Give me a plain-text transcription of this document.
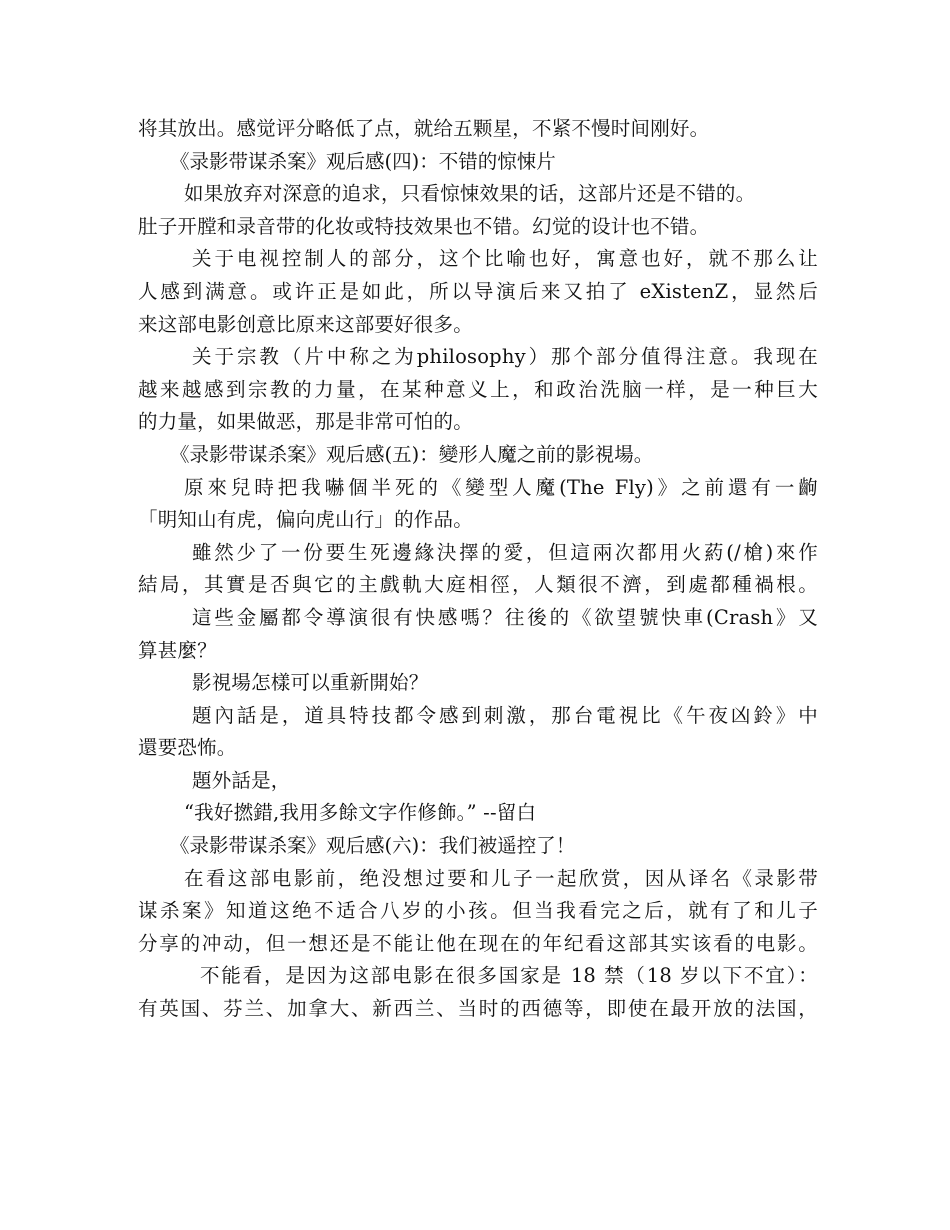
将其放出。感觉评分略低了点，就给五颗星，不紧不慢时间刚好。
《录影带谋杀案》观后感(四)：不错的惊悚片
如果放弃对深意的追求，只看惊悚效果的话，这部片还是不错的。
肚子开膛和录音带的化妆或特技效果也不错。幻觉的设计也不错。
关于电视控制人的部分，这个比喻也好，寓意也好，就不那么让
人感到满意。或许正是如此，所以导演后来又拍了 eXistenZ，显然后
来这部电影创意比原来这部要好很多。
关于宗教（片中称之为philosophy）那个部分值得注意。我现在
越来越感到宗教的力量，在某种意义上，和政治洗脑一样，是一种巨大
的力量，如果做恶，那是非常可怕的。
《录影带谋杀案》观后感(五)：變形人魔之前的影視場。
原來兒時把我嚇個半死的《變型人魔(The Fly)》之前還有一齣
「明知山有虎，偏向虎山行」的作品。
雖然少了一份要生死邊緣決擇的愛，但這兩次都用火葯(/槍)來作
結局，其實是否與它的主戲軌大庭相徑，人類很不濟，到處都種禍根。
這些金屬都令導演很有快感嗎？往後的《欲望號快車(Crash》又
算甚麼？
影視場怎樣可以重新開始？
題內話是，道具特技都令感到刺激，那台電視比《午夜凶鈴》中
還要恐怖。
題外話是，
“我好撚錯,我用多餘文字作修飾。” --留白
《录影带谋杀案》观后感(六)：我们被遥控了！
在看这部电影前，绝没想过要和儿子一起欣赏，因从译名《录影带
谋杀案》知道这绝不适合八岁的小孩。但当我看完之后，就有了和儿子
分享的冲动，但一想还是不能让他在现在的年纪看这部其实该看的电影。
不能看，是因为这部电影在很多国家是 18 禁（18 岁以下不宜）：
有英国、芬兰、加拿大、新西兰、当时的西德等，即使在最开放的法国，
